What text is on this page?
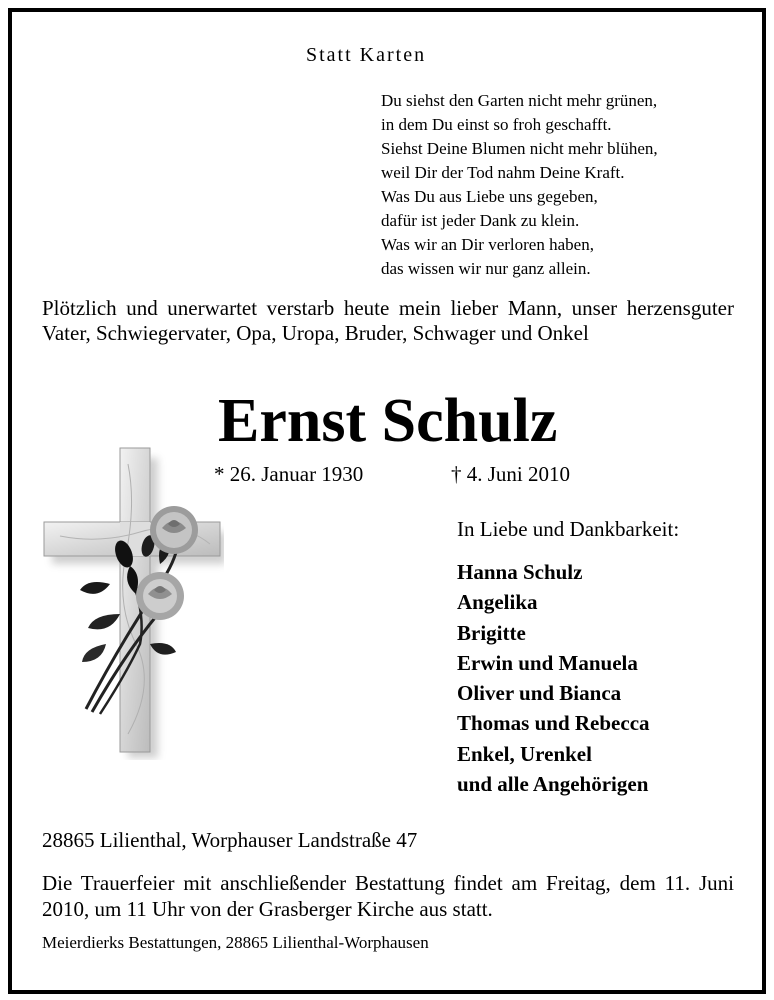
Statt Karten
Du siehst den Garten nicht mehr grünen,
in dem Du einst so froh geschafft.
Siehst Deine Blumen nicht mehr blühen,
weil Dir der Tod nahm Deine Kraft.
Was Du aus Liebe uns gegeben,
dafür ist jeder Dank zu klein.
Was wir an Dir verloren haben,
das wissen wir nur ganz allein.
Plötzlich und unerwartet verstarb heute mein lieber Mann, unser herzensguter Vater, Schwiegervater, Opa, Uropa, Bruder, Schwager und Onkel
Ernst Schulz
* 26. Januar 1930	† 4. Juni 2010
In Liebe und Dankbarkeit:
Hanna Schulz
Angelika
Brigitte
Erwin und Manuela
Oliver und Bianca
Thomas und Rebecca
Enkel, Urenkel
und alle Angehörigen
28865 Lilienthal, Worphauser Landstraße 47
Die Trauerfeier mit anschließender Bestattung findet am Freitag, dem 11. Juni 2010, um 11 Uhr von der Grasberger Kirche aus statt.
Meierdierks Bestattungen, 28865 Lilienthal-Worphausen
